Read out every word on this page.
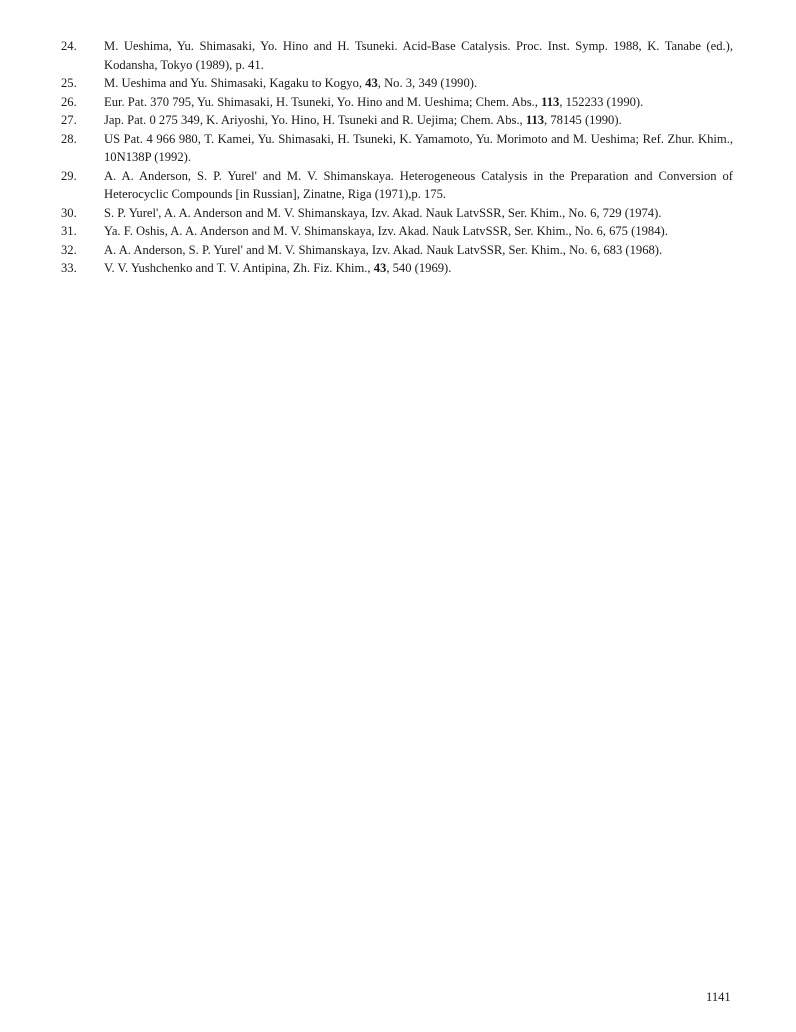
24. M. Ueshima, Yu. Shimasaki, Yo. Hino and H. Tsuneki. Acid-Base Catalysis. Proc. Inst. Symp. 1988, K. Tanabe (ed.), Kodansha, Tokyo (1989), p. 41.
25. M. Ueshima and Yu. Shimasaki, Kagaku to Kogyo, 43, No. 3, 349 (1990).
26. Eur. Pat. 370 795, Yu. Shimasaki, H. Tsuneki, Yo. Hino and M. Ueshima; Chem. Abs., 113, 152233 (1990).
27. Jap. Pat. 0 275 349, K. Ariyoshi, Yo. Hino, H. Tsuneki and R. Uejima; Chem. Abs., 113, 78145 (1990).
28. US Pat. 4 966 980, T. Kamei, Yu. Shimasaki, H. Tsuneki, K. Yamamoto, Yu. Morimoto and M. Ueshima; Ref. Zhur. Khim., 10N138P (1992).
29. A. A. Anderson, S. P. Yurel' and M. V. Shimanskaya. Heterogeneous Catalysis in the Preparation and Conversion of Heterocyclic Compounds [in Russian], Zinatne, Riga (1971),p. 175.
30. S. P. Yurel', A. A. Anderson and M. V. Shimanskaya, Izv. Akad. Nauk LatvSSR, Ser. Khim., No. 6, 729 (1974).
31. Ya. F. Oshis, A. A. Anderson and M. V. Shimanskaya, Izv. Akad. Nauk LatvSSR, Ser. Khim., No. 6, 675 (1984).
32. A. A. Anderson, S. P. Yurel' and M. V. Shimanskaya, Izv. Akad. Nauk LatvSSR, Ser. Khim., No. 6, 683 (1968).
33. V. V. Yushchenko and T. V. Antipina, Zh. Fiz. Khim., 43, 540 (1969).
1141
